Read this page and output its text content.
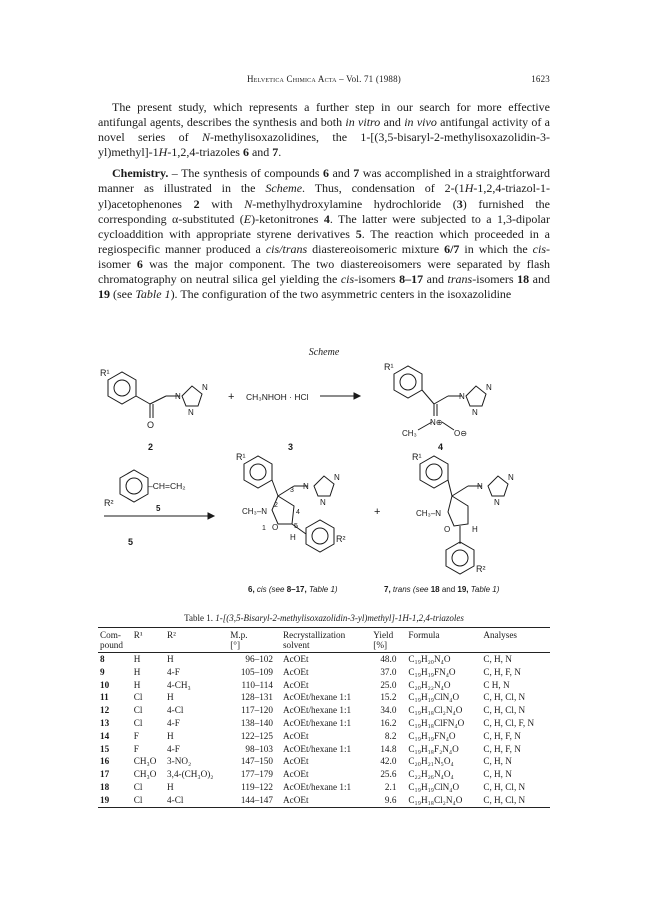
Helvetica Chimica Acta – Vol. 71 (1988)	1623

The present study, which represents a further step in our search for more effective antifungal agents, describes the synthesis and both in vitro and in vivo antifungal activity of a novel series of N-methylisoxazolidines, the 1-[(3,5-bisaryl-2-methylisoxazolidin-3-yl)methyl]-1H-1,2,4-triazoles 6 and 7.

Chemistry. – The synthesis of compounds 6 and 7 was accomplished in a straightforward manner as illustrated in the Scheme. Thus, condensation of 2-(1H-1,2,4-triazol-1-yl)acetophenones 2 with N-methylhydroxylamine hydrochloride (3) furnished the corresponding α-substituted (E)-ketonitrones 4. The latter were subjected to a 1,3-dipolar cycloaddition with appropriate styrene derivatives 5. The reaction which proceeded in a regiospecific manner produced a cis/trans diastereoisomeric mixture 6/7 in which the cis-isomer 6 was the major component. The two diastereoisomers were separated by flash chromatography on neutral silica gel yielding the cis-isomers 8–17 and trans-isomers 18 and 19 (see Table 1). The configuration of the two asymmetric centers in the isoxazolidine

Scheme
R¹
O
N
N
N
2
+ CH₃NHOH · HCl
3
R¹
N
N
N
N⊕
CH₃	O⊖
4
–CH=CH₂
R²
5
5
R¹
3
2
4
5
1
CH₃–N
O
H	R²
N
N
N
+
R¹
CH₃–N
O	H
R²
N
N
N
6, cis (see 8–17, Table 1)	7, trans (see 18 and 19, Table 1)
Table 1. 1-[(3,5-Bisaryl-2-methylisoxazolidin-3-yl)methyl]-1H-1,2,4-triazoles
Com-	R¹	R²	M.p.	Recrystallization	Yield	Formula	Analyses
pound			[°]	solvent	[%]		
8	H	H	96–102	AcOEt	48.0	C₁₉H₂₀N₄O	C, H, N
9	H	4-F	105–109	AcOEt	37.0	C₁₉H₁₉FN₄O	C, H, F, N
10	H	4-CH₃	110–114	AcOEt	25.0	C₂₀H₂₂N₄O	C H, N
11	Cl	H	128–131	AcOEt/hexane 1:1	15.2	C₁₉H₁₉ClN₄O	C, H, Cl, N
12	Cl	4-Cl	117–120	AcOEt/hexane 1:1	34.0	C₁₉H₁₈Cl₂N₄O	C, H, Cl, N
13	Cl	4-F	138–140	AcOEt/hexane 1:1	16.2	C₁₉H₁₈ClFN₄O	C, H, Cl, F, N
14	F	H	122–125	AcOEt	8.2	C₁₉H₁₉FN₄O	C, H, F, N
15	F	4-F	98–103	AcOEt/hexane 1:1	14.8	C₁₉H₁₈F₂N₄O	C, H, F, N
16	CH₃O	3-NO₂	147–150	AcOEt	42.0	C₂₀H₂₁N₅O₄	C, H, N
17	CH₃O	3,4-(CH₃O)₂	177–179	AcOEt	25.6	C₂₂H₂₆N₄O₄	C, H, N
18	Cl	H	119–122	AcOEt/hexane 1:1	2.1	C₁₉H₁₉ClN₄O	C, H, Cl, N
19	Cl	4-Cl	144–147	AcOEt	9.6	C₁₉H₁₈Cl₂N₄O	C, H, Cl, N
